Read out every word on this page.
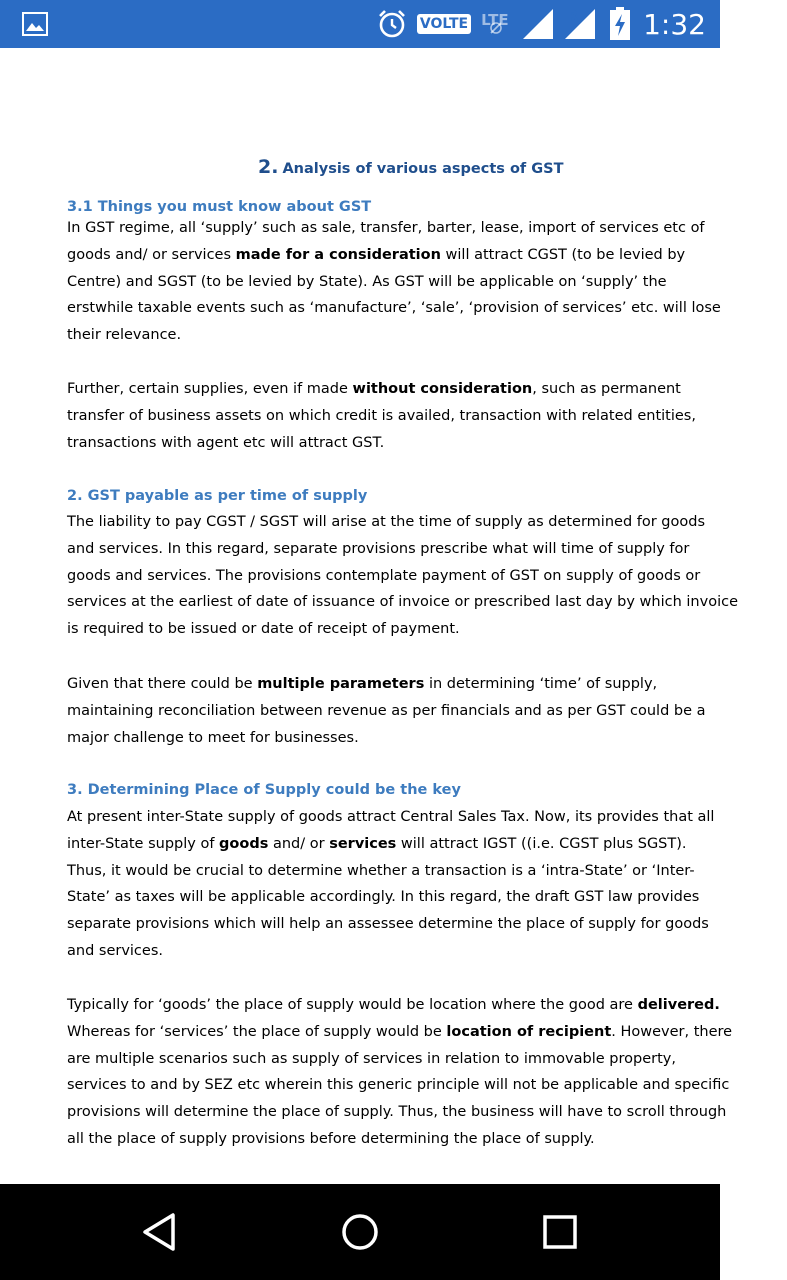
VOLTE LTE	R 1:32
2. Analysis of various aspects of GST
3.1 Things you must know about GST
In GST regime, all ‘supply’ such as sale, transfer, barter, lease, import of services etc of
goods and/ or services made for a consideration will attract CGST (to be levied by
Centre) and SGST (to be levied by State). As GST will be applicable on ‘supply’ the
erstwhile taxable events such as ‘manufacture’, ‘sale’, ‘provision of services’ etc. will lose
their relevance.
Further, certain supplies, even if made without consideration, such as permanent
transfer of business assets on which credit is availed, transaction with related entities,
transactions with agent etc will attract GST.
2. GST payable as per time of supply
The liability to pay CGST / SGST will arise at the time of supply as determined for goods
and services. In this regard, separate provisions prescribe what will time of supply for
goods and services. The provisions contemplate payment of GST on supply of goods or
services at the earliest of date of issuance of invoice or prescribed last day by which invoice
is required to be issued or date of receipt of payment.
Given that there could be multiple parameters in determining ‘time’ of supply,
maintaining reconciliation between revenue as per financials and as per GST could be a
major challenge to meet for businesses.
3. Determining Place of Supply could be the key
At present inter-State supply of goods attract Central Sales Tax. Now, its provides that all
inter-State supply of goods and/ or services will attract IGST ((i.e. CGST plus SGST).
Thus, it would be crucial to determine whether a transaction is a ‘intra-State’ or ‘Inter-
State’ as taxes will be applicable accordingly. In this regard, the draft GST law provides
separate provisions which will help an assessee determine the place of supply for goods
and services.
Typically for ‘goods’ the place of supply would be location where the good are delivered.
Whereas for ‘services’ the place of supply would be location of recipient. However, there
are multiple scenarios such as supply of services in relation to immovable property,
services to and by SEZ etc wherein this generic principle will not be applicable and specific
provisions will determine the place of supply. Thus, the business will have to scroll through
all the place of supply provisions before determining the place of supply.
